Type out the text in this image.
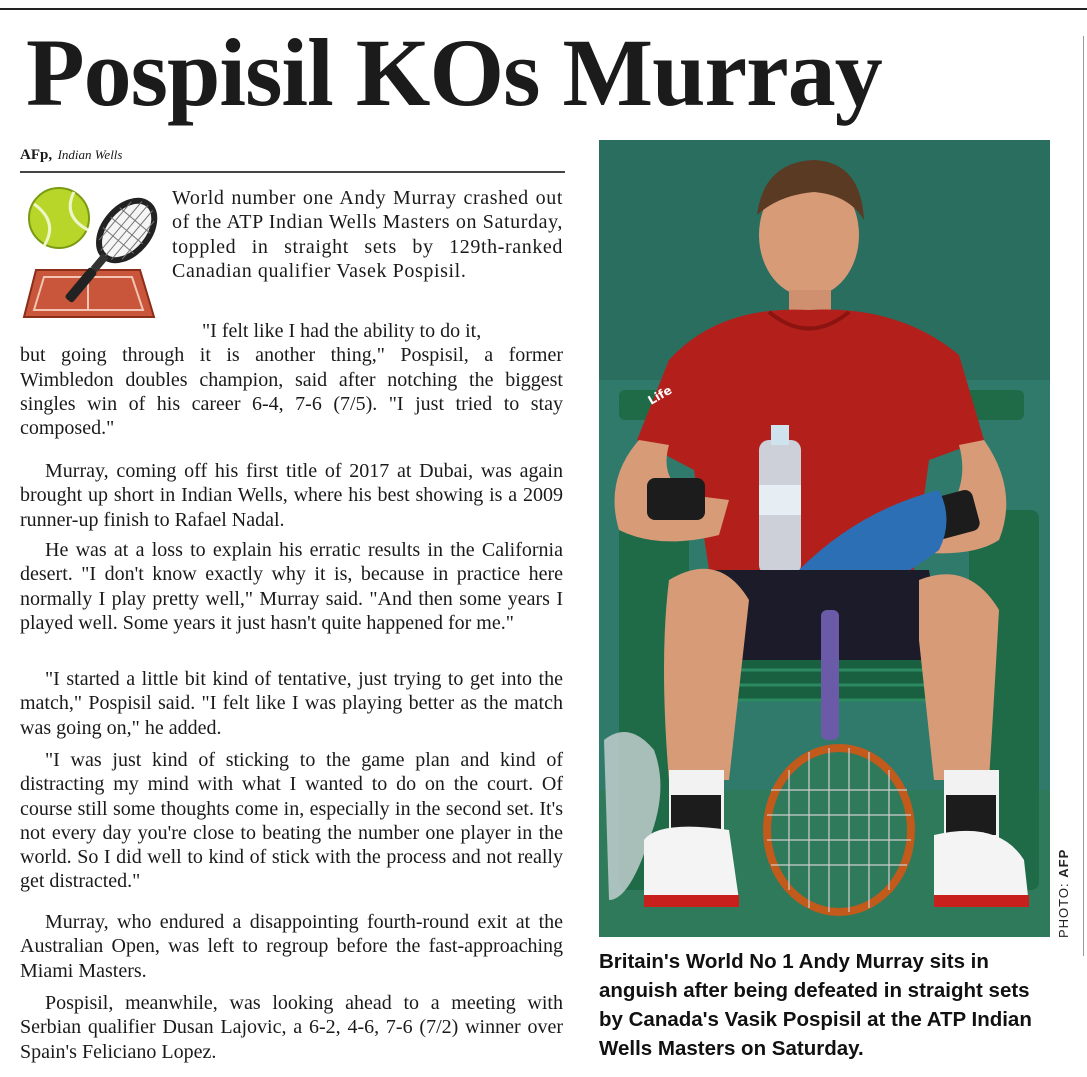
Pospisil KOs Murray
AFp, Indian Wells

World number one Andy Murray crashed out of the ATP Indian Wells Masters on Saturday, toppled in straight sets by 129th-ranked Canadian qualifier Vasek Pospisil.

"I felt like I had the ability to do it,
but going through it is another thing," Pospisil, a former Wimbledon doubles champion, said after notching the biggest singles win of his career 6-4, 7-6 (7/5). "I just tried to stay composed."

Murray, coming off his first title of 2017 at Dubai, was again brought up short in Indian Wells, where his best showing is a 2009 runner-up finish to Rafael Nadal.

He was at a loss to explain his erratic results in the California desert. "I don't know exactly why it is, because in practice here normally I play pretty well," Murray said. "And then some years I played well. Some years it just hasn't quite happened for me."

"I started a little bit kind of tentative, just trying to get into the match," Pospisil said. "I felt like I was playing better as the match was going on," he added.

"I was just kind of sticking to the game plan and kind of distracting my mind with what I wanted to do on the court. Of course still some thoughts come in, especially in the second set. It's not every day you're close to beating the number one player in the world. So I did well to kind of stick with the process and not really get distracted."

Murray, who endured a disappointing fourth-round exit at the Australian Open, was left to regroup before the fast-approaching Miami Masters.

Pospisil, meanwhile, was looking ahead to a meeting with Serbian qualifier Dusan Lajovic, a 6-2, 4-6, 7-6 (7/2) winner over Spain's Feliciano Lopez.

Life
PHOTO: AFP

Britain's World No 1 Andy Murray sits in anguish after being defeated in straight sets by Canada's Vasik Pospisil at the ATP Indian Wells Masters on Saturday.
